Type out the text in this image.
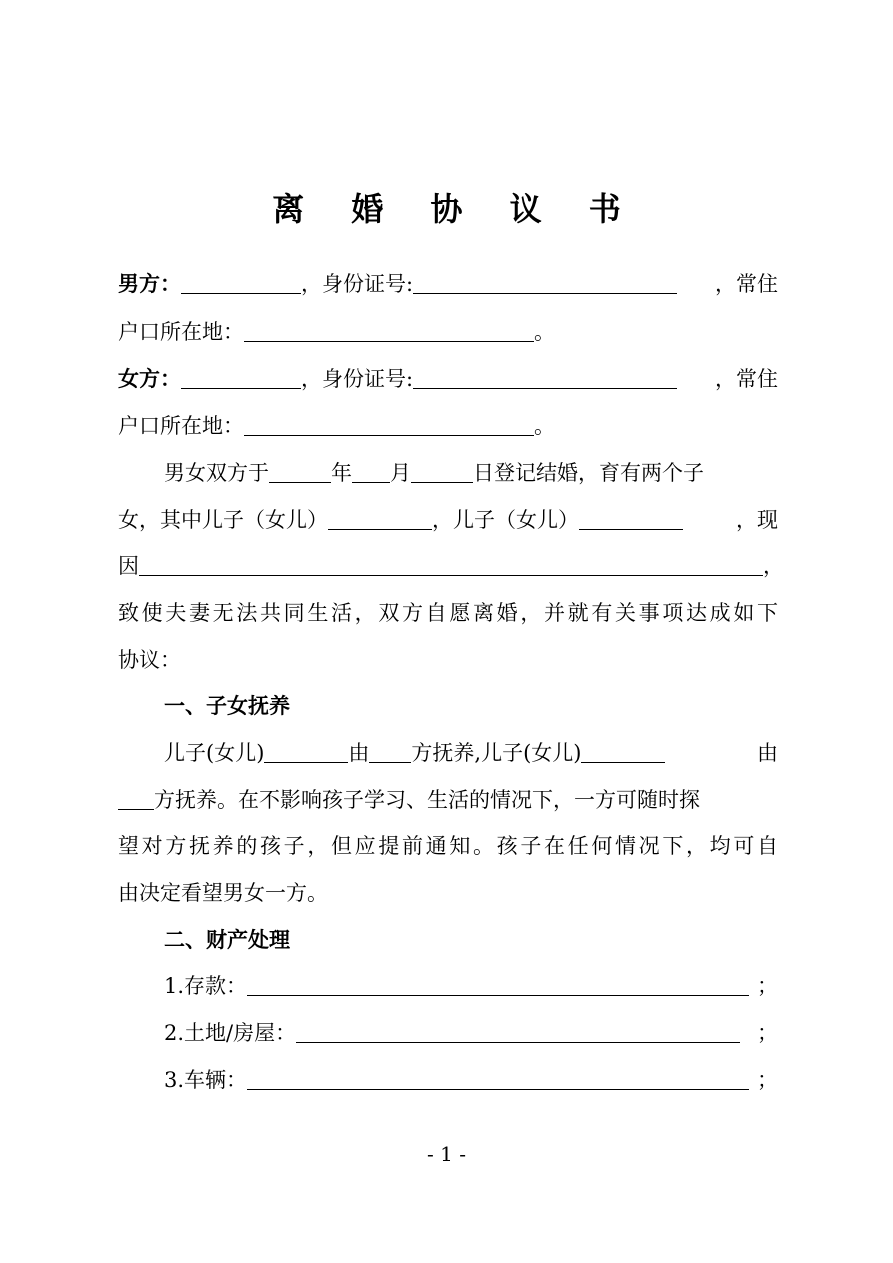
离 婚 协 议 书
男方：	，身份证号:	，常住
户口所在地：	。
女方：	，身份证号:	，常住
户口所在地：	。
男女双方于	年 月	日登记结婚，育有两个子
女，其中儿子（女儿）	，儿子（女儿）	，现
因	，
致使夫妻无法共同生活，双方自愿离婚，并就有关事项达成如下
协议：
一、子女抚养
儿子(女儿)	由 方抚养,儿子(女儿)	由
方抚养。在不影响孩子学习、生活的情况下，一方可随时探
望对方抚养的孩子，但应提前通知。孩子在任何情况下，均可自
由决定看望男女一方。
二、财产处理
1.存款：	；
2.土地/房屋：	；
3.车辆：	；
- 1 -
